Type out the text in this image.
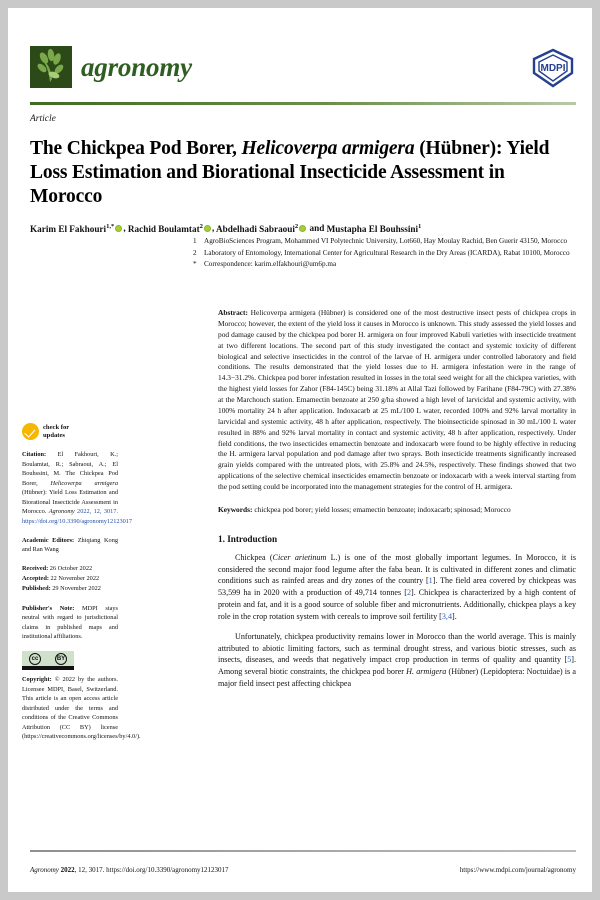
agronomy	MDPI
Article
The Chickpea Pod Borer, Helicoverpa armigera (Hübner): Yield Loss Estimation and Biorational Insecticide Assessment in Morocco
Karim El Fakhouri$^{1,*}$ , Rachid Boulamtat$^2$ , Abdelhadi Sabraoui$^2$ and Mustapha El Bouhssini$^1$
1	AgroBioSciences Program, Mohammed VI Polytechnic University, Lot660, Hay Moulay Rachid, Ben Guerir 43150, Morocco
2	Laboratory of Entomology, International Center for Agricultural Research in the Dry Areas (ICARDA), Rabat 10100, Morocco
*	Correspondence: karim.elfakhouri@um6p.ma
check for
updates
Citation: El Fakhouri, K.; Boulamtat, R.; Sabraoui, A.; El Bouhssini, M. The Chickpea Pod Borer, Helicoverpa armigera (Hübner): Yield Loss Estimation and Biorational Insecticide Assessment in Morocco. Agronomy 2022, 12, 3017. https://doi.org/10.3390/agronomy12123017
Academic Editors: Zhiqiang Kong and Ran Wang
Received: 26 October 2022
Accepted: 22 November 2022
Published: 29 November 2022
Publisher's Note: MDPI stays neutral with regard to jurisdictional claims in published maps and institutional affiliations.
cc	BY
Copyright: © 2022 by the authors. Licensee MDPI, Basel, Switzerland. This article is an open access article distributed under the terms and conditions of the Creative Commons Attribution (CC BY) license (https://creativecommons.org/licenses/by/4.0/).
Abstract: Helicoverpa armigera (Hübner) is considered one of the most destructive insect pests of chickpea crops in Morocco; however, the extent of the yield loss it causes in Morocco is unknown. This study assessed the yield losses and pod damage caused by the chickpea pod borer H. armigera on four improved Kabuli varieties with insecticide treatment at two different locations. The second part of this study investigated the contact and systemic toxicity of different biological and selective insecticides in the control of the larvae of H. armigera under controlled laboratory and field conditions. The results demonstrated that the yield losses due to H. armigera infestation were in the range of 14.3−31.2%. Chickpea pod borer infestation resulted in losses in the total seed weight for all the chickpea varieties, with the highest yield losses for Zahor (F84-145C) being 31.18% at Allal Tazi followed by Farihane (F84-79C) with 27.38% at the Marchouch station. Emamectin benzoate at 250 g/ha showed a high level of larvicidal and systemic activity, with 100% mortality 24 h after application. Indoxacarb at 25 mL/100 L water, recorded 100% and 92% larval mortality in larvicidal and systemic activity, 48 h after application, respectively. The bioinsecticide spinosad in 30 mL/100 L water resulted in 88% and 92% larval mortality in contact and systemic activity, 48 h after application, respectively. Under field conditions, the two insecticides emamectin benzoate and indoxacarb were found to be highly effective in reducing the H. armigera larval population and pod damage after two sprays. Both insecticide treatments significantly increased grain yields compared with the untreated plots, with 25.8% and 24.5%, respectively. These findings showed that two applications of the selective chemical insecticides emamectin benzoate or indoxacarb with a week interval starting from the pod setting could be incorporated into the management strategies for the control of H. armigera.
Keywords: chickpea pod borer; yield losses; emamectin benzoate; indoxacarb; spinosad; Morocco
1. Introduction

Chickpea (Cicer arietinum L.) is one of the most globally important legumes. In Morocco, it is considered the second major food legume after the faba bean. It is cultivated in different zones and climatic conditions such as rainfed areas and dry zones of the country [1]. The field area covered by chickpeas was 53,599 ha in 2020 with a production of 49,714 tonnes [2]. Chickpea is characterized by a high content of protein and fat, and it is a good source of soluble fiber and micronutrients. Additionally, chickpea plays a key role in the crop rotation system with cereals to improve soil fertility [3,4].

Unfortunately, chickpea productivity remains lower in Morocco than the world average. This is mainly attributed to abiotic limiting factors, such as terminal drought stress, and various biotic stresses, such as insects, diseases, and weeds that negatively impact crop production in terms of quality and quantity [5]. Among several biotic constraints, the chickpea pod borer H. armigera (Hübner) (Lepidoptera: Noctuidae) is a major field insect pest affecting chickpea

Agronomy 2022, 12, 3017. https://doi.org/10.3390/agronomy12123017	https://www.mdpi.com/journal/agronomy
